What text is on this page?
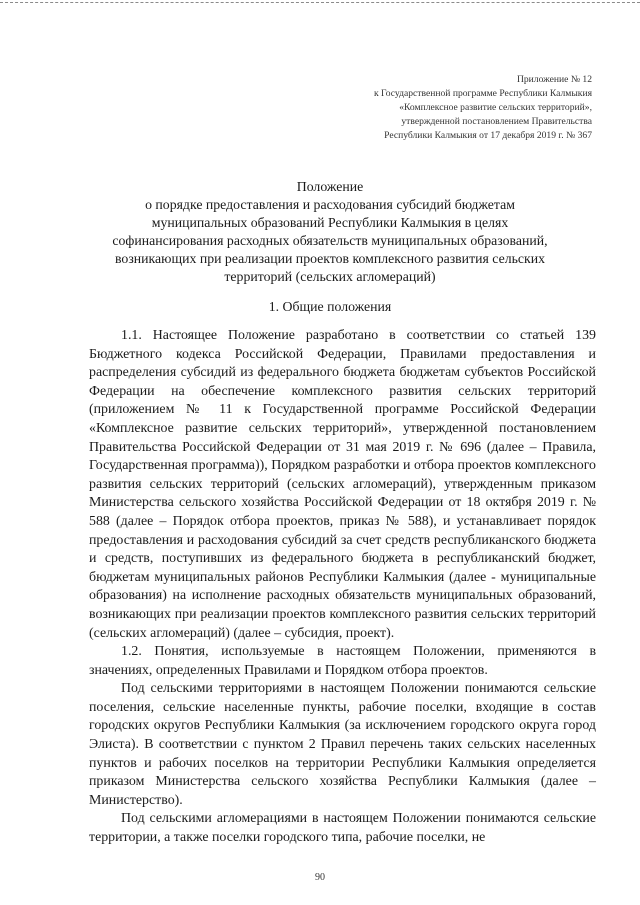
Приложение № 12
к Государственной программе Республики Калмыкия
«Комплексное развитие сельских территорий»,
утвержденной постановлением Правительства
Республики Калмыкия от 17 декабря 2019 г. № 367
Положение
о порядке предоставления и расходования субсидий бюджетам
муниципальных образований Республики Калмыкия в целях
софинансирования расходных обязательств муниципальных образований,
возникающих при реализации проектов комплексного развития сельских
территорий (сельских агломераций)
1. Общие положения

1.1. Настоящее Положение разработано в соответствии со статьей 139 Бюджетного кодекса Российской Федерации, Правилами предоставления и распределения субсидий из федерального бюджета бюджетам субъектов Российской Федерации на обеспечение комплексного развития сельских территорий (приложением № 11 к Государственной программе Российской Федерации «Комплексное развитие сельских территорий», утвержденной постановлением Правительства Российской Федерации от 31 мая 2019 г. № 696 (далее – Правила, Государственная программа)), Порядком разработки и отбора проектов комплексного развития сельских территорий (сельских агломераций), утвержденным приказом Министерства сельского хозяйства Российской Федерации от 18 октября 2019 г. № 588 (далее – Порядок отбора проектов, приказ № 588), и устанавливает порядок предоставления и расходования субсидий за счет средств республиканского бюджета и средств, поступивших из федерального бюджета в республиканский бюджет, бюджетам муниципальных районов Республики Калмыкия (далее - муниципальные образования) на исполнение расходных обязательств муниципальных образований, возникающих при реализации проектов комплексного развития сельских территорий (сельских агломераций) (далее – субсидия, проект).

1.2. Понятия, используемые в настоящем Положении, применяются в значениях, определенных Правилами и Порядком отбора проектов.

Под сельскими территориями в настоящем Положении понимаются сельские поселения, сельские населенные пункты, рабочие поселки, входящие в состав городских округов Республики Калмыкия (за исключением городского округа город Элиста). В соответствии с пунктом 2 Правил перечень таких сельских населенных пунктов и рабочих поселков на территории Республики Калмыкия определяется приказом Министерства сельского хозяйства Республики Калмыкия (далее – Министерство).

Под сельскими агломерациями в настоящем Положении понимаются сельские территории, а также поселки городского типа, рабочие поселки, не

90
